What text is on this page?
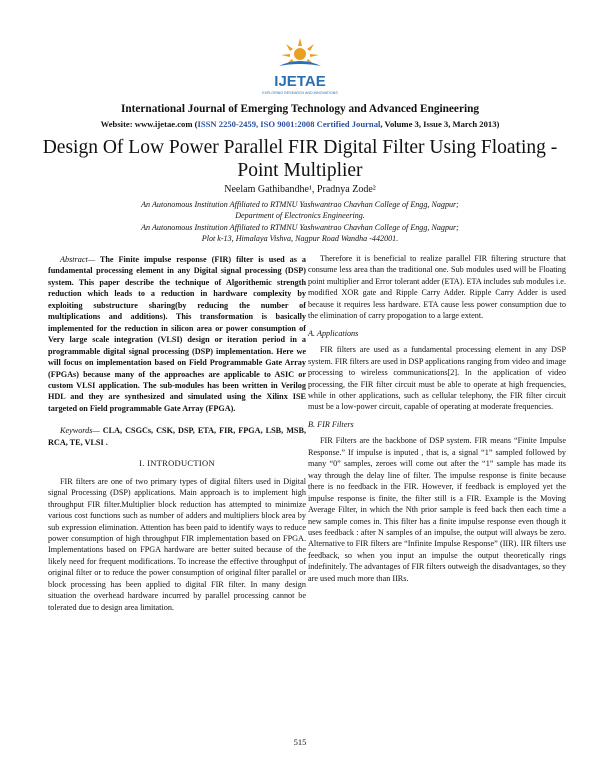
IJETAE
EXPLORING RESEARCH AND INNOVATIONS
International Journal of Emerging Technology and Advanced Engineering
Website: www.ijetae.com (ISSN 2250-2459, ISO 9001:2008 Certified Journal, Volume 3, Issue 3, March 2013)
Design Of Low Power Parallel FIR Digital Filter Using Floating - Point Multiplier
Neelam Gathibandhe¹, Pradnya Zode²
An Autonomous Institution Affiliated to RTMNU Yashwantrao Chavhan College of Engg, Nagpur;
Department of Electronics Engineering.
An Autonomous Institution Affiliated to RTMNU Yashwantrao Chavhan College of Engg, Nagpur;
Plot k-13, Himalaya Vishva, Nagpur Road Wandha -442001.

Abstract— The Finite impulse response (FIR) filter is used as a fundamental processing element in any Digital signal processing (DSP) system. This paper describe the technique of Algorithemic strength reduction which leads to a reduction in hardware complexity by exploiting substructure sharing(by reducing the number of multiplications and additions). This transformation is basically implemented for the reduction in silicon area or power consumption of Very large scale integration (VLSI) design or iteration period in a programmable digital signal processing (DSP) implementation. Here we will focus on implementation based on Field Programmable Gate Array (FPGAs) because many of the approaches are applicable to ASIC or custom VLSI application. The sub-modules has been written in Verilog HDL and they are synthesized and simulated using the Xilinx ISE targeted on Field programmable Gate Array (FPGA).

Keywords— CLA, CSGCs, CSK, DSP, ETA, FIR, FPGA, LSB, MSB, RCA, TE, VLSI .

I. INTRODUCTION

FIR filters are one of two primary types of digital filters used in Digital signal Processing (DSP) applications. Main approach is to implement high throughput FIR filter.Multiplier block reduction has attempted to minimize various cost functions such as number of adders and multipliers block area by sub expression elimination. Attention has been paid to identify ways to reduce power consumption of high throughput FIR implementation based on FPGA. Implementations based on FPGA hardware are better suited because of the likely need for frequent modifications. To increase the effective throughput of original filter or to reduce the power consumption of original filter parallel or block processing has been applied to digital FIR filter. In many design situation the overhead hardware incurred by parallel processing cannot be tolerated due to design area limitation.

Therefore it is beneficial to realize parallel FIR filtering structure that consume less area than the traditional one. Sub modules used will be Floating point multiplier and Error tolerant adder (ETA). ETA includes sub modules i.e. modified XOR gate and Ripple Carry Adder. Ripple Carry Adder is used because it requires less hardware. ETA cause less power consumption due to the elimination of carry propogation to a large extent.

A. Applications

FIR filters are used as a fundamental processing element in any DSP system. FIR filters are used in DSP applications ranging from video and image processing to wireless communications[2]. In the application of video processing, the FIR filter circuit must be able to operate at high frequencies, while in other applications, such as cellular telephony, the FIR filter circuit must be a low-power circuit, capable of operating at moderate frequencies.

B. FIR Filters

FIR Filters are the backbone of DSP system. FIR means “Finite Impulse Response.” If impulse is inputed , that is, a signal “1” sampled followed by many “0” samples, zeroes will come out after the “1” sample has made its way through the delay line of filter. The impulse response is finite because there is no feedback in the FIR. However, if feedback is employed yet the impulse response is finite, the filter still is a FIR. Example is the Moving Average Filter, in which the Nth prior sample is feed back then each time a new sample comes in. This filter has a finite impulse response even though it uses feedback : after N samples of an impulse, the output will always be zero. Alternative to FIR filters are “Infinite Impulse Response” (IIR). IIR filters use feedback, so when you input an impulse the output theoretically rings indefinitely. The advantages of FIR filters outweigh the disadvantages, so they are used much more than IIRs.

515
